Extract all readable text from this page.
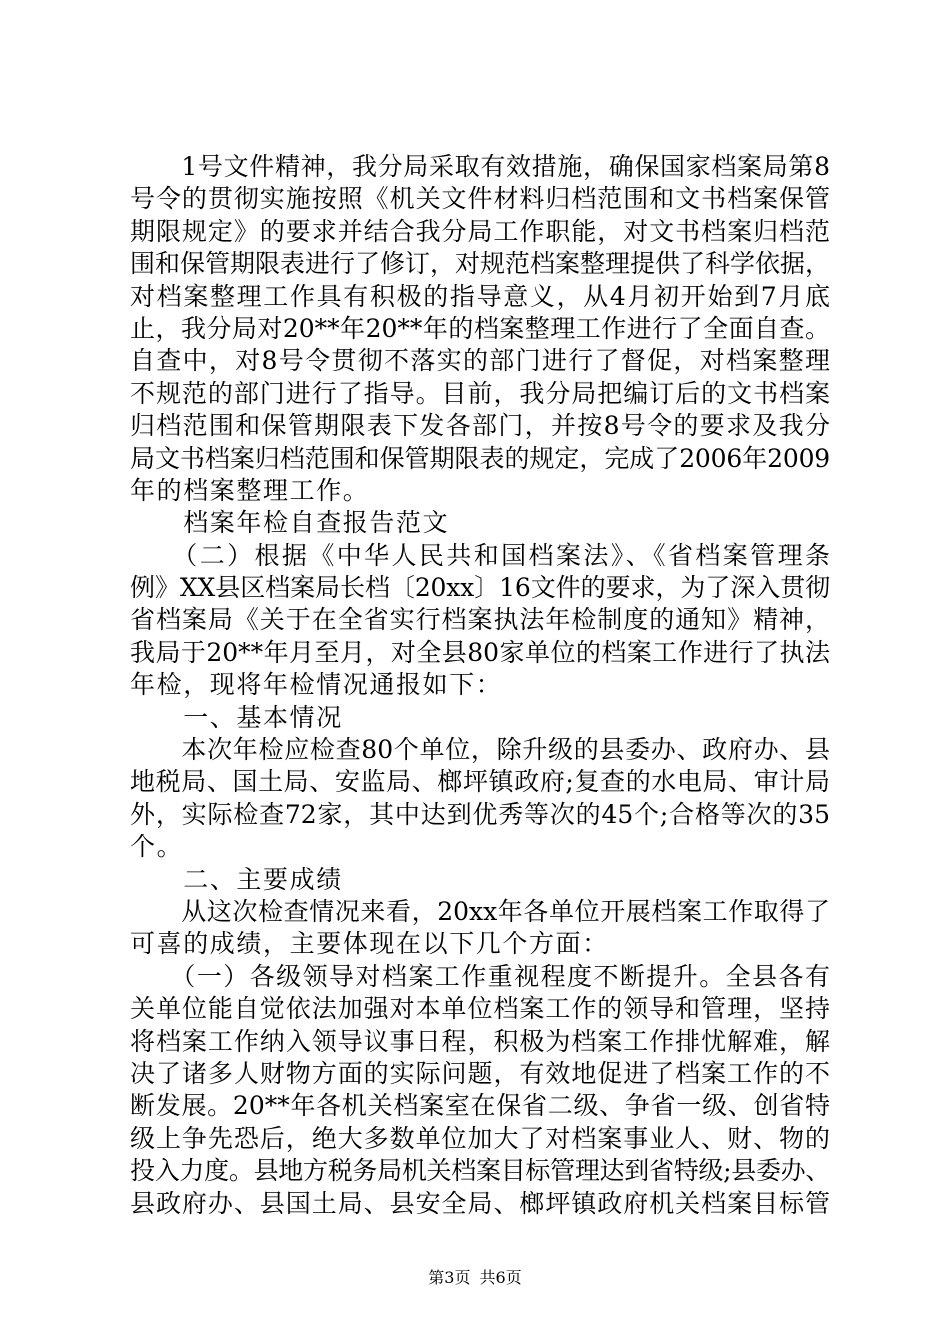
　　1号文件精神，我分局采取有效措施，确保国家档案局第8
号令的贯彻实施按照《机关文件材料归档范围和文书档案保管
期限规定》的要求并结合我分局工作职能，对文书档案归档范
围和保管期限表进行了修订，对规范档案整理提供了科学依据，
对档案整理工作具有积极的指导意义，从4月初开始到7月底
止，我分局对20**年20**年的档案整理工作进行了全面自查。
自查中，对8号令贯彻不落实的部门进行了督促，对档案整理
不规范的部门进行了指导。目前，我分局把编订后的文书档案
归档范围和保管期限表下发各部门，并按8号令的要求及我分
局文书档案归档范围和保管期限表的规定，完成了2006年2009
年的档案整理工作。
　　档案年检自查报告范文
　　（二）根据《中华人民共和国档案法》、《省档案管理条
例》XX县区档案局长档〔20xx〕16文件的要求，为了深入贯彻
省档案局《关于在全省实行档案执法年检制度的通知》精神，
我局于20**年月至月，对全县80家单位的档案工作进行了执法
年检，现将年检情况通报如下：
　　一、基本情况
　　本次年检应检查80个单位，除升级的县委办、政府办、县
地税局、国土局、安监局、榔坪镇政府;复查的水电局、审计局
外，实际检查72家，其中达到优秀等次的45个;合格等次的35
个。
　　二、主要成绩
　　从这次检查情况来看，20xx年各单位开展档案工作取得了
可喜的成绩，主要体现在以下几个方面：
　　（一）各级领导对档案工作重视程度不断提升。全县各有
关单位能自觉依法加强对本单位档案工作的领导和管理，坚持
将档案工作纳入领导议事日程，积极为档案工作排忧解难，解
决了诸多人财物方面的实际问题，有效地促进了档案工作的不
断发展。20**年各机关档案室在保省二级、争省一级、创省特
级上争先恐后，绝大多数单位加大了对档案事业人、财、物的
投入力度。县地方税务局机关档案目标管理达到省特级;县委办、
县政府办、县国土局、县安全局、榔坪镇政府机关档案目标管
第3页 共6页
